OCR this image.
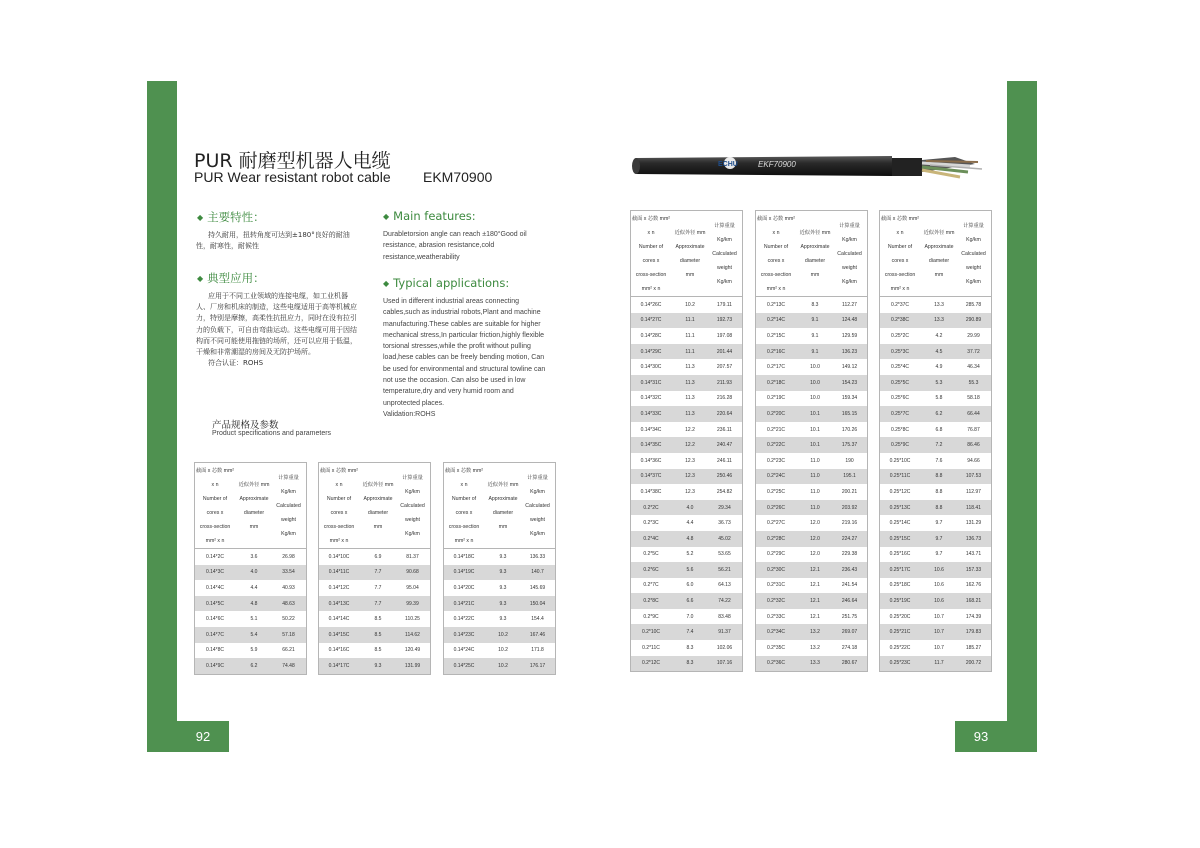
92	93
PUR 耐磨型机器人电缆
PUR Wear resistant robot cable EKM70900
◆ 主要特性：
持久耐用，扭转角度可达到±180°良好的耐油
性，耐寒性，耐候性
◆ 典型应用：
应用于不同工业领域的连接电缆，如工业机器
人、厂房和机床的制造，这些电缆适用于高等机械应
力，特别是摩擦，高柔性抗扭应力，同时在没有拉引
力的负载下，可自由弯曲运动。这些电缆可用于因结
构而不同可能使用拖链的场所，还可以应用于低温，
干燥和非常潮湿的房间及无防护场所。
符合认证：ROHS
◆ Main features:
Durabletorsion angle can reach ±180°Good oil
resistance, abrasion resistance,cold
resistance,weatherability
◆ Typical applications:
Used in different industrial areas connecting
cables,such as industrial robots,Plant and machine
manufacturing.These cables are suitable for higher
mechanical stress,In particular friction,highly flexible
torsional stresses,while the profit without pulling
load,hese cables can be freely bending motion, Can
be used for environmental and structural towline can
not use the occasion. Can also be used in low
temperature,dry and very humid room and
unprotected places.
Validation:ROHS
产品规格及参数
Product specifications and parameters
ECHU	EKF70900
截面 x 芯数 mm²
x n
Number of
cores x
cross-section
mm² x n
近似外径 mm
Approximate
diameter
mm
计算重量
Kg/km
Calculated
weight
Kg/km
0.14*2C	3.6	26.98
0.14*3C	4.0	33.54
0.14*4C	4.4	40.93
0.14*5C	4.8	48.63
0.14*6C	5.1	50.22
0.14*7C	5.4	57.18
0.14*8C	5.9	66.21
0.14*9C	6.2	74.48
截面 x 芯数 mm²
x n
Number of
cores x
cross-section
mm² x n
近似外径 mm
Approximate
diameter
mm
计算重量
Kg/km
Calculated
weight
Kg/km
0.14*10C	6.9	81.37
0.14*11C	7.7	90.68
0.14*12C	7.7	95.04
0.14*13C	7.7	99.39
0.14*14C	8.5	110.25
0.14*15C	8.5	114.62
0.14*16C	8.5	120.49
0.14*17C	9.3	131.99
截面 x 芯数 mm²
x n
Number of
cores x
cross-section
mm² x n
近似外径 mm
Approximate
diameter
mm
计算重量
Kg/km
Calculated
weight
Kg/km
0.14*18C	9.3	136.33
0.14*19C	9.3	140.7
0.14*20C	9.3	145.69
0.14*21C	9.3	150.04
0.14*22C	9.3	154.4
0.14*23C	10.2	167.46
0.14*24C	10.2	171.8
0.14*25C	10.2	176.17
截面 x 芯数 mm²
x n
Number of
cores x
cross-section
mm² x n
近似外径 mm
Approximate
diameter
mm
计算重量
Kg/km
Calculated
weight
Kg/km
0.14*26C	10.2	179.11
0.14*27C	11.1	192.73
0.14*28C	11.1	197.08
0.14*29C	11.1	201.44
0.14*30C	11.3	207.57
0.14*31C	11.3	211.93
0.14*32C	11.3	216.28
0.14*33C	11.3	220.64
0.14*34C	12.2	236.11
0.14*35C	12.2	240.47
0.14*36C	12.3	246.11
0.14*37C	12.3	250.46
0.14*38C	12.3	254.82
0.2*2C	4.0	29.34
0.2*3C	4.4	36.73
0.2*4C	4.8	45.02
0.2*5C	5.2	53.65
0.2*6C	5.6	56.21
0.2*7C	6.0	64.13
0.2*8C	6.6	74.22
0.2*9C	7.0	83.48
0.2*10C	7.4	91.37
0.2*11C	8.3	102.06
0.2*12C	8.3	107.16
截面 x 芯数 mm²
x n
Number of
cores x
cross-section
mm² x n
近似外径 mm
Approximate
diameter
mm
计算重量
Kg/km
Calculated
weight
Kg/km
0.2*13C	8.3	112.27
0.2*14C	9.1	124.48
0.2*15C	9.1	129.59
0.2*16C	9.1	136.23
0.2*17C	10.0	149.12
0.2*18C	10.0	154.23
0.2*19C	10.0	159.34
0.2*20C	10.1	165.15
0.2*21C	10.1	170.26
0.2*22C	10.1	175.37
0.2*23C	11.0	190
0.2*24C	11.0	195.1
0.2*25C	11.0	200.21
0.2*26C	11.0	203.92
0.2*27C	12.0	219.16
0.2*28C	12.0	224.27
0.2*29C	12.0	229.38
0.2*30C	12.1	236.43
0.2*31C	12.1	241.54
0.2*32C	12.1	246.64
0.2*33C	12.1	251.75
0.2*34C	13.2	269.07
0.2*35C	13.2	274.18
0.2*36C	13.3	280.67
截面 x 芯数 mm²
x n
Number of
cores x
cross-section
mm² x n
近似外径 mm
Approximate
diameter
mm
计算重量
Kg/km
Calculated
weight
Kg/km
0.2*37C	13.3	285.78
0.2*38C	13.3	290.89
0.25*2C	4.2	29.99
0.25*3C	4.5	37.72
0.25*4C	4.9	46.34
0.25*5C	5.3	55.3
0.25*6C	5.8	58.18
0.25*7C	6.2	66.44
0.25*8C	6.8	76.87
0.25*9C	7.2	86.46
0.25*10C	7.6	94.66
0.25*11C	8.8	107.53
0.25*12C	8.8	112.97
0.25*13C	8.8	118.41
0.25*14C	9.7	131.29
0.25*15C	9.7	136.73
0.25*16C	9.7	143.71
0.25*17C	10.6	157.33
0.25*18C	10.6	162.76
0.25*19C	10.6	168.21
0.25*20C	10.7	174.39
0.25*21C	10.7	179.83
0.25*22C	10.7	185.27
0.25*23C	11.7	200.72
